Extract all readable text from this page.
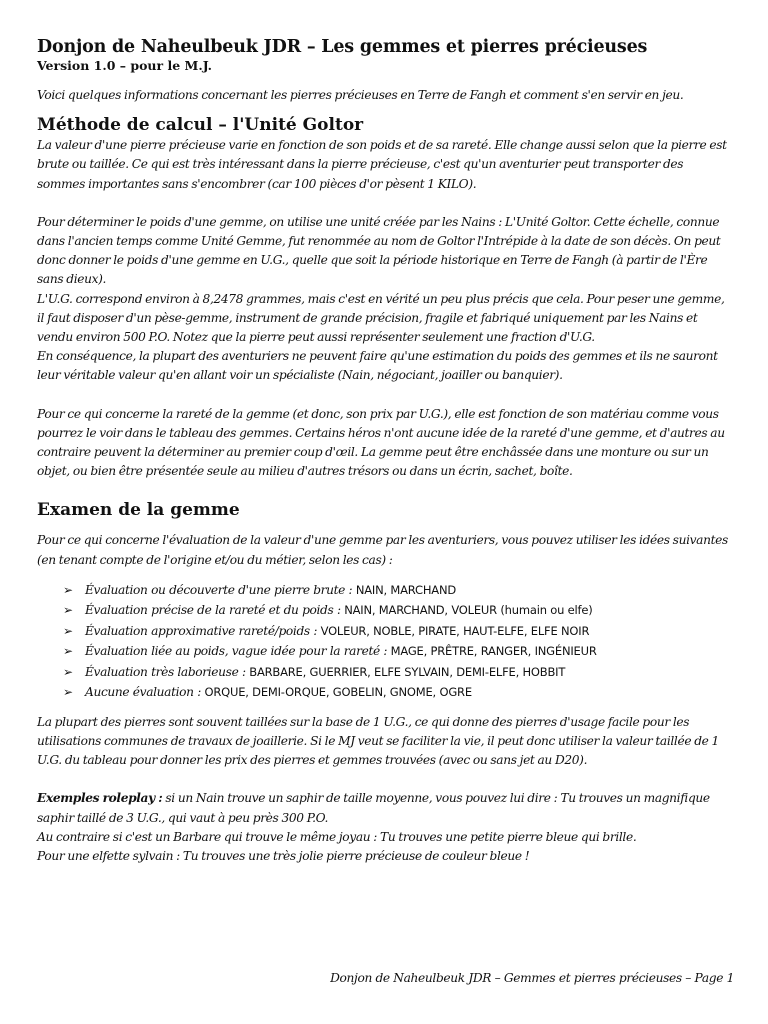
Donjon de Naheulbeuk JDR – Les gemmes et pierres précieuses
Version 1.0 – pour le M.J.

Voici quelques informations concernant les pierres précieuses en Terre de Fangh et comment s'en servir en jeu.

Méthode de calcul – l'Unité Goltor

La valeur d'une pierre précieuse varie en fonction de son poids et de sa rareté. Elle change aussi selon que la pierre est brute ou taillée. Ce qui est très intéressant dans la pierre précieuse, c'est qu'un aventurier peut transporter des sommes importantes sans s'encombrer (car 100 pièces d'or pèsent 1 KILO).

Pour déterminer le poids d'une gemme, on utilise une unité créée par les Nains : L'Unité Goltor. Cette échelle, connue dans l'ancien temps comme Unité Gemme, fut renommée au nom de Goltor l'Intrépide à la date de son décès. On peut donc donner le poids d'une gemme en U.G., quelle que soit la période historique en Terre de Fangh (à partir de l'Ère sans dieux).

L'U.G. correspond environ à 8,2478 grammes, mais c'est en vérité un peu plus précis que cela. Pour peser une gemme, il faut disposer d'un pèse-gemme, instrument de grande précision, fragile et fabriqué uniquement par les Nains et vendu environ 500 P.O. Notez que la pierre peut aussi représenter seulement une fraction d'U.G.

En conséquence, la plupart des aventuriers ne peuvent faire qu'une estimation du poids des gemmes et ils ne sauront leur véritable valeur qu'en allant voir un spécialiste (Nain, négociant, joailler ou banquier).

Pour ce qui concerne la rareté de la gemme (et donc, son prix par U.G.), elle est fonction de son matériau comme vous pourrez le voir dans le tableau des gemmes. Certains héros n'ont aucune idée de la rareté d'une gemme, et d'autres au contraire peuvent la déterminer au premier coup d'œil. La gemme peut être enchâssée dans une monture ou sur un objet, ou bien être présentée seule au milieu d'autres trésors ou dans un écrin, sachet, boîte.

Examen de la gemme

Pour ce qui concerne l'évaluation de la valeur d'une gemme par les aventuriers, vous pouvez utiliser les idées suivantes (en tenant compte de l'origine et/ou du métier, selon les cas) :

➢ Évaluation ou découverte d'une pierre brute : NAIN, MARCHAND
➢ Évaluation précise de la rareté et du poids : NAIN, MARCHAND, VOLEUR (humain ou elfe)
➢ Évaluation approximative rareté/poids : VOLEUR, NOBLE, PIRATE, HAUT-ELFE, ELFE NOIR
➢ Évaluation liée au poids, vague idée pour la rareté : MAGE, PRÊTRE, RANGER, INGÉNIEUR
➢ Évaluation très laborieuse : BARBARE, GUERRIER, ELFE SYLVAIN, DEMI-ELFE, HOBBIT
➢ Aucune évaluation : ORQUE, DEMI-ORQUE, GOBELIN, GNOME, OGRE

La plupart des pierres sont souvent taillées sur la base de 1 U.G., ce qui donne des pierres d'usage facile pour les utilisations communes de travaux de joaillerie. Si le MJ veut se faciliter la vie, il peut donc utiliser la valeur taillée de 1 U.G. du tableau pour donner les prix des pierres et gemmes trouvées (avec ou sans jet au D20).

Exemples roleplay : si un Nain trouve un saphir de taille moyenne, vous pouvez lui dire : Tu trouves un magnifique saphir taillé de 3 U.G., qui vaut à peu près 300 P.O.

Au contraire si c'est un Barbare qui trouve le même joyau : Tu trouves une petite pierre bleue qui brille.

Pour une elfette sylvain : Tu trouves une très jolie pierre précieuse de couleur bleue !

Donjon de Naheulbeuk JDR – Gemmes et pierres précieuses – Page 1
